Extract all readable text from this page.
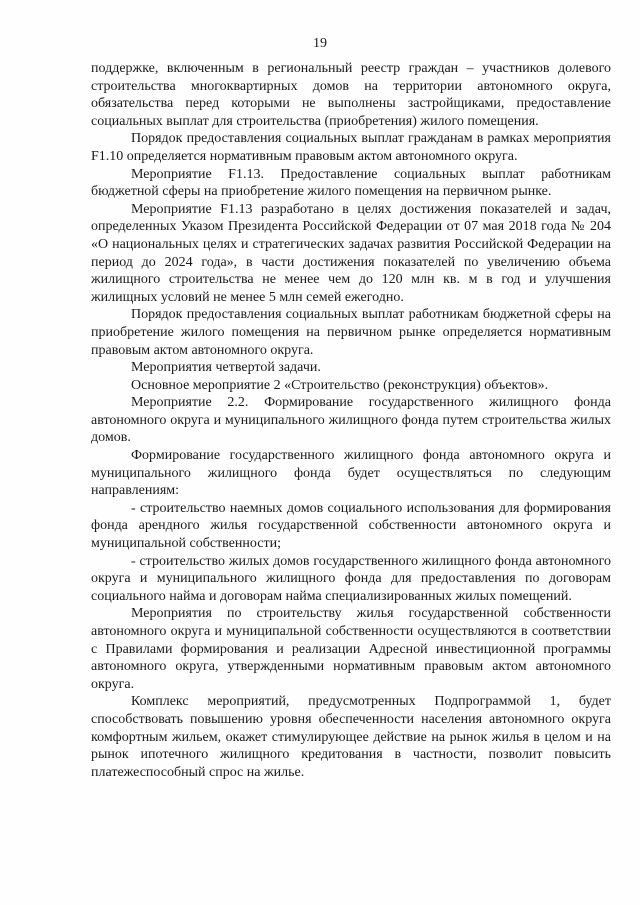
19

поддержке, включенным в региональный реестр граждан – участников долевого строительства многоквартирных домов на территории автономного округа, обязательства перед которыми не выполнены застройщиками, предоставление социальных выплат для строительства (приобретения) жилого помещения.

Порядок предоставления социальных выплат гражданам в рамках мероприятия F1.10 определяется нормативным правовым актом автономного округа.

Мероприятие F1.13. Предоставление социальных выплат работникам бюджетной сферы на приобретение жилого помещения на первичном рынке.

Мероприятие F1.13 разработано в целях достижения показателей и задач, определенных Указом Президента Российской Федерации от 07 мая 2018 года № 204 «О национальных целях и стратегических задачах развития Российской Федерации на период до 2024 года», в части достижения показателей по увеличению объема жилищного строительства не менее чем до 120 млн кв. м в год и улучшения жилищных условий не менее 5 млн семей ежегодно.

Порядок предоставления социальных выплат работникам бюджетной сферы на приобретение жилого помещения на первичном рынке определяется нормативным правовым актом автономного округа.

Мероприятия четвертой задачи.

Основное мероприятие 2 «Строительство (реконструкция) объектов».

Мероприятие 2.2. Формирование государственного жилищного фонда автономного округа и муниципального жилищного фонда путем строительства жилых домов.

Формирование государственного жилищного фонда автономного округа и муниципального жилищного фонда будет осуществляться по следующим направлениям:

- строительство наемных домов социального использования для формирования фонда арендного жилья государственной собственности автономного округа и муниципальной собственности;

- строительство жилых домов государственного жилищного фонда автономного округа и муниципального жилищного фонда для предоставления по договорам социального найма и договорам найма специализированных жилых помещений.

Мероприятия по строительству жилья государственной собственности автономного округа и муниципальной собственности осуществляются в соответствии с Правилами формирования и реализации Адресной инвестиционной программы автономного округа, утвержденными нормативным правовым актом автономного округа.

Комплекс мероприятий, предусмотренных Подпрограммой 1, будет способствовать повышению уровня обеспеченности населения автономного округа комфортным жильем, окажет стимулирующее действие на рынок жилья в целом и на рынок ипотечного жилищного кредитования в частности, позволит повысить платежеспособный спрос на жилье.
